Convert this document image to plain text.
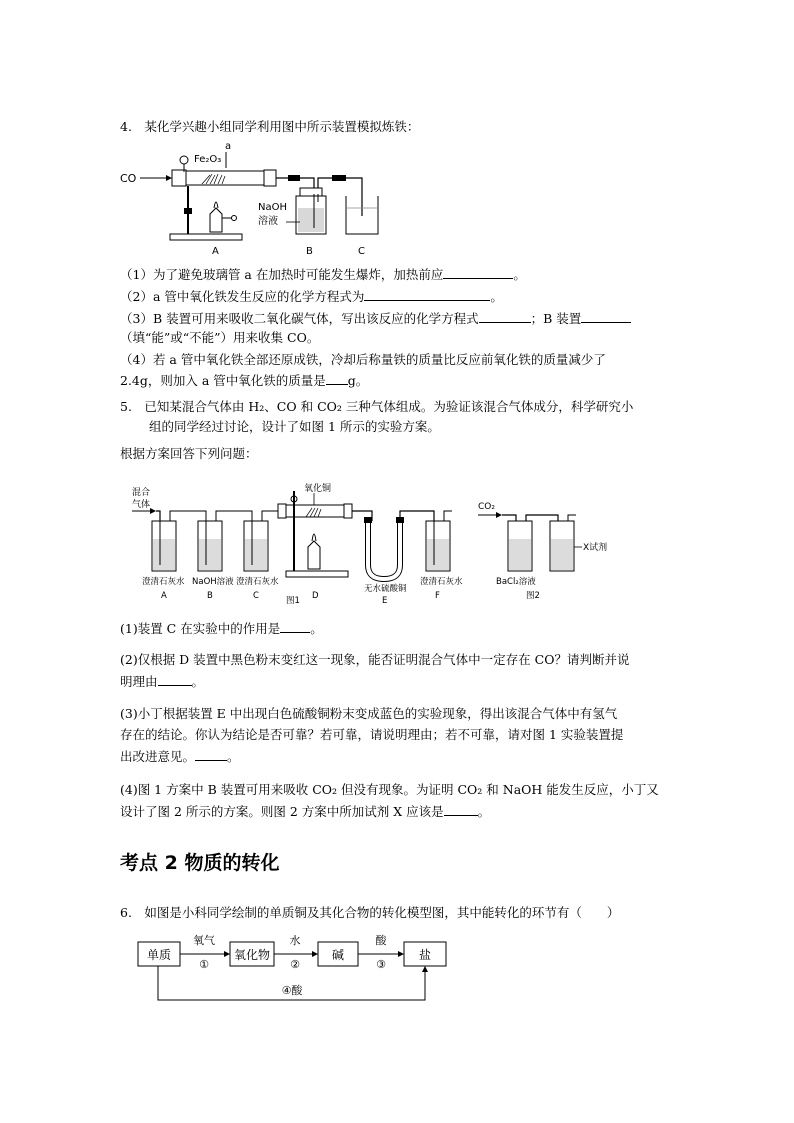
4.　某化学兴趣小组同学利用图中所示装置模拟炼铁：
CO
Fe₂O₃
a
NaOH
溶液
A	B	C
（1）为了避免玻璃管 a 在加热时可能发生爆炸，加热前应	。
（2）a 管中氧化铁发生反应的化学方程式为	。
（3）B 装置可用来吸收二氧化碳气体，写出该反应的化学方程式	；B 装置
（填“能”或“不能”）用来收集 CO。
（4）若 a 管中氧化铁全部还原成铁，冷却后称量铁的质量比反应前氧化铁的质量减少了
2.4g，则加入 a 管中氧化铁的质量是 g。
5.　已知某混合气体由 H₂、CO 和 CO₂ 三种气体组成。为验证该混合气体成分，科学研究小
组的同学经过讨论，设计了如图 1 所示的实验方案。
根据方案回答下列问题：
混合
气体
氧化铜
CO₂
X试剂
澄清石灰水 NaOH溶液 澄清石灰水
无水硫酸铜
澄清石灰水	BaCl₂溶液
A	B	C	D	E	F
图1	图2
(1)装置 C 在实验中的作用是 。
(2)仅根据 D 装置中黑色粉末变红这一现象，能否证明混合气体中一定存在 CO？请判断并说
明理由	。
(3)小丁根据装置 E 中出现白色硫酸铜粉末变成蓝色的实验现象，得出该混合气体中有氢气
存在的结论。你认为结论是否可靠？若可靠，请说明理由；若不可靠，请对图 1 实验装置提
出改进意见。	。
(4)图 1 方案中 B 装置可用来吸收 CO₂ 但没有现象。为证明 CO₂ 和 NaOH 能发生反应，小丁又
设计了图 2 所示的方案。则图 2 方案中所加试剂 X 应该是	。
考点 2 物质的转化
6.　如图是小科同学绘制的单质铜及其化合物的转化模型图，其中能转化的环节有（　　）
单质	氧化物	碱	盐
氧气
①
水
②
酸
③
④酸
